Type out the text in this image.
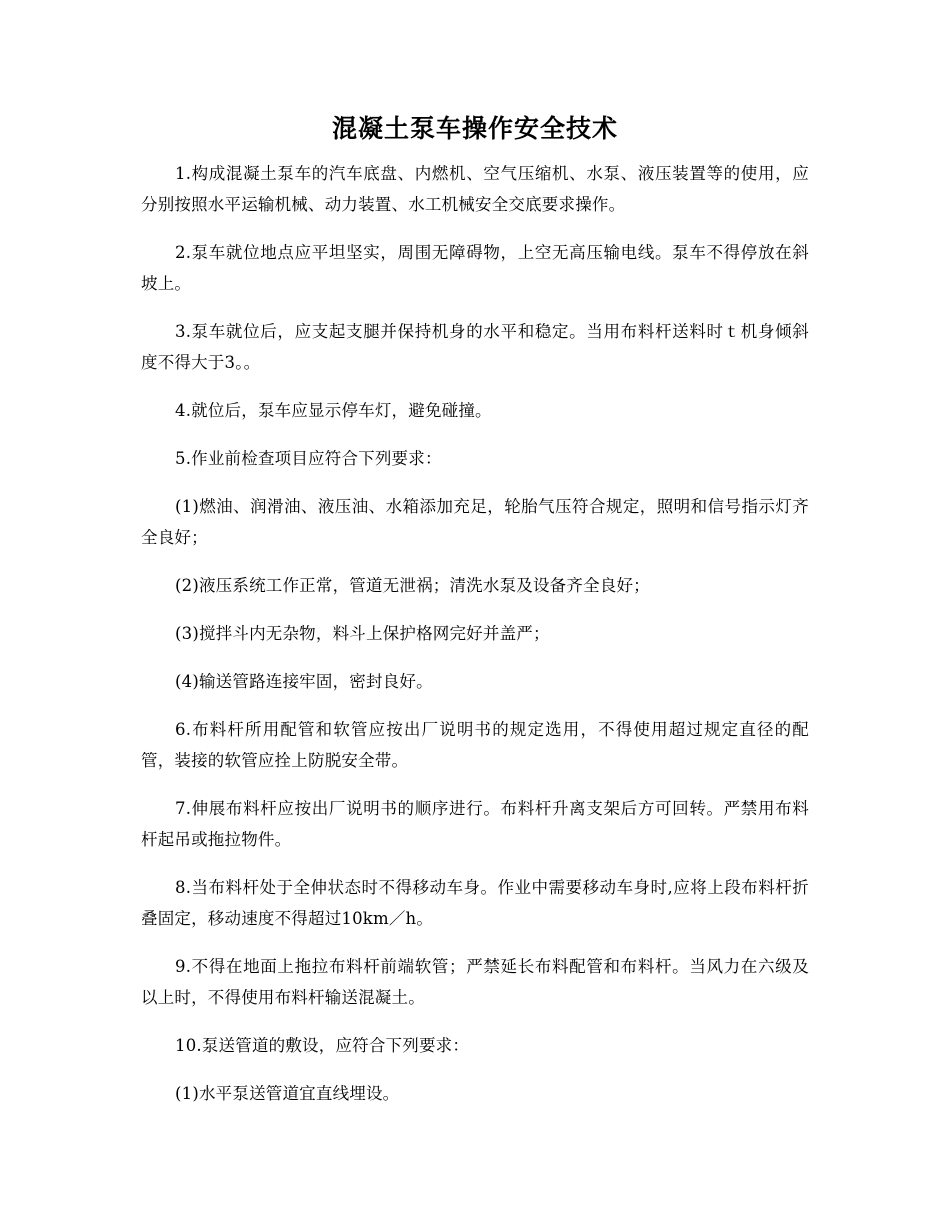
混凝土泵车操作安全技术

1.构成混凝土泵车的汽车底盘、内燃机、空气压缩机、水泵、液压装置等的使用，应分别按照水平运输机械、动力装置、水工机械安全交底要求操作。

2.泵车就位地点应平坦坚实，周围无障碍物，上空无高压输电线。泵车不得停放在斜坡上。

3.泵车就位后，应支起支腿并保持机身的水平和稳定。当用布料杆送料时ｔ机身倾斜度不得大于3。。

4.就位后，泵车应显示停车灯，避免碰撞。

5.作业前检查项目应符合下列要求：

(1)燃油、润滑油、液压油、水箱添加充足，轮胎气压符合规定，照明和信号指示灯齐全良好；

(2)液压系统工作正常，管道无泄祸；清洗水泵及设备齐全良好；

(3)搅拌斗内无杂物，料斗上保护格网完好并盖严；

(4)输送管路连接牢固，密封良好。

6.布料杆所用配管和软管应按出厂说明书的规定选用，不得使用超过规定直径的配管，装接的软管应拴上防脱安全带。

7.伸展布料杆应按出厂说明书的顺序进行。布料杆升离支架后方可回转。严禁用布料杆起吊或拖拉物件。

8.当布料杆处于全伸状态时不得移动车身。作业中需要移动车身时,应将上段布料杆折叠固定，移动速度不得超过10km／h。

9.不得在地面上拖拉布料杆前端软管；严禁延长布料配管和布料杆。当风力在六级及以上时，不得使用布料杆输送混凝土。

10.泵送管道的敷设，应符合下列要求：

(1)水平泵送管道宜直线埋设。
